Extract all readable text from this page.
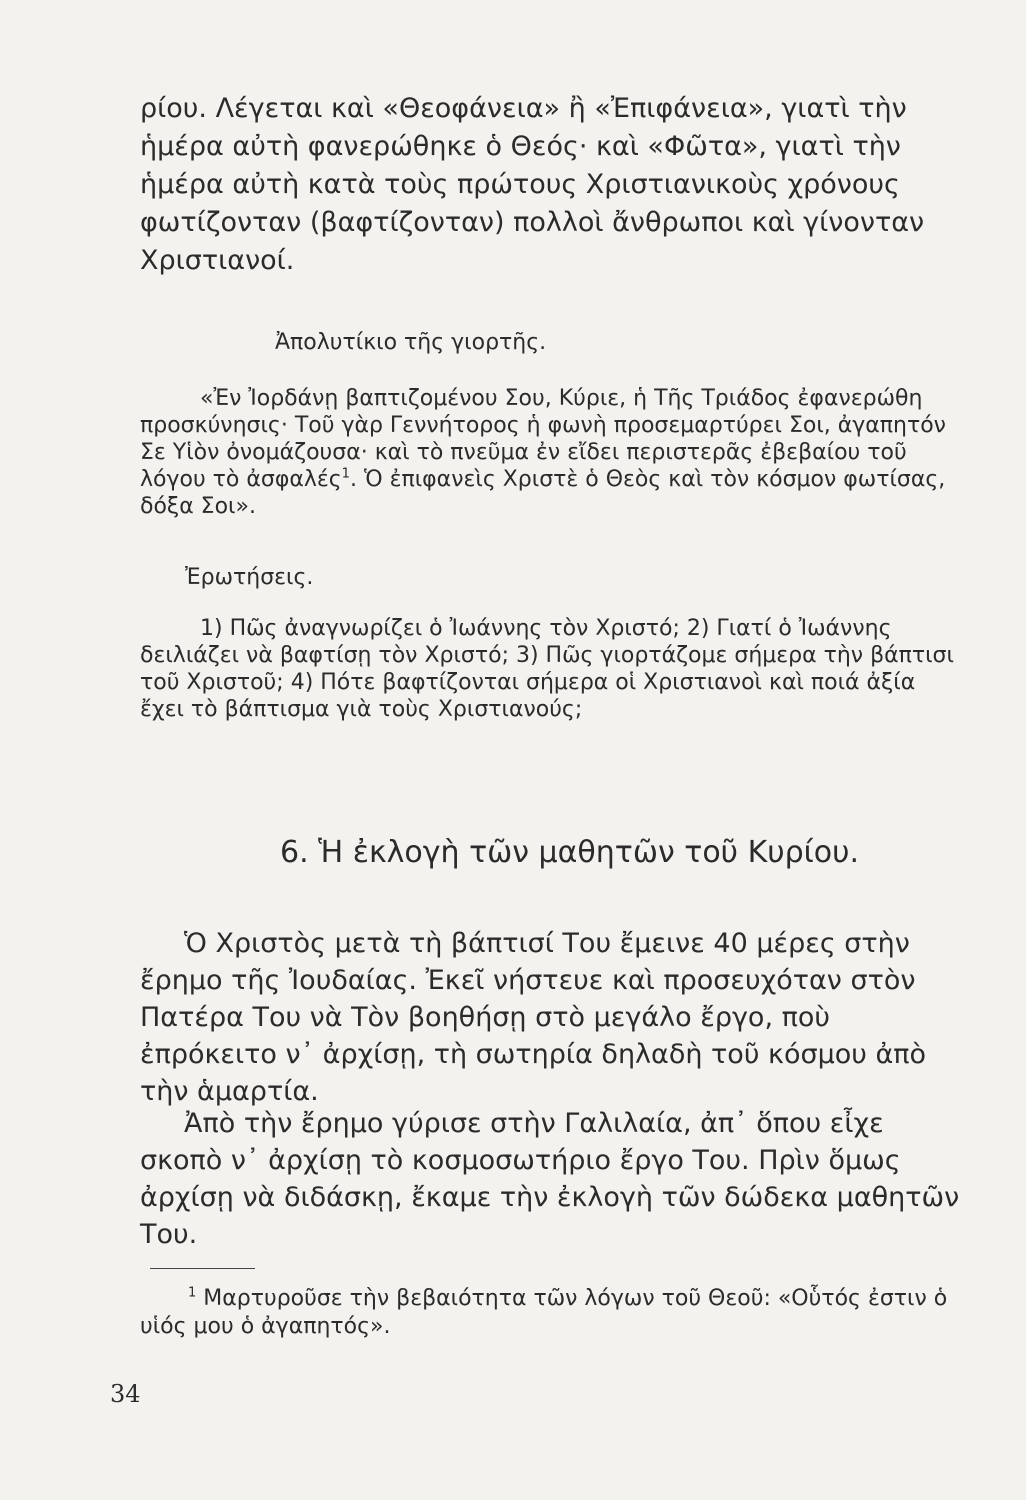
ρίου. Λέγεται καὶ «Θεοφάνεια» ἢ «Ἐπιφάνεια», γιατὶ τὴν ἡμέρα αὐτὴ φανερώθηκε ὁ Θεός· καὶ «Φῶτα», γιατὶ τὴν ἡμέρα αὐτὴ κατὰ τοὺς πρώτους Χριστιανικοὺς χρόνους φωτίζονταν (βαφτίζονταν) πολλοὶ ἄνθρωποι καὶ γίνονταν Χριστιανοί.

Ἀπολυτίκιο τῆς γιορτῆς.

«Ἐν Ἰορδάνῃ βαπτιζομένου Σου, Κύριε, ἡ Τῆς Τριάδος ἐφανερώθη προσκύνησις· Τοῦ γὰρ Γεννήτορος ἡ φωνὴ προσεμαρτύρει Σοι, ἀγαπητόν Σε Υἱὸν ὀνομάζουσα· καὶ τὸ πνεῦμα ἐν εἴδει περιστερᾶς ἐβεβαίου τοῦ λόγου τὸ ἀσφαλές$^1$. Ὁ ἐπιφανεὶς Χριστὲ ὁ Θεὸς καὶ τὸν κόσμον φωτίσας, δόξα Σοι».

Ἐρωτήσεις.

1) Πῶς ἀναγνωρίζει ὁ Ἰωάννης τὸν Χριστό; 2) Γιατί ὁ Ἰωάννης δειλιάζει νὰ βαφτίσῃ τὸν Χριστό; 3) Πῶς γιορτάζομε σήμερα τὴν βάπτισι τοῦ Χριστοῦ; 4) Πότε βαφτίζονται σήμερα οἱ Χριστιανοὶ καὶ ποιά ἀξία ἔχει τὸ βάπτισμα γιὰ τοὺς Χριστιανούς;

6. Ἡ ἐκλογὴ τῶν μαθητῶν τοῦ Κυρίου.

Ὁ Χριστὸς μετὰ τὴ βάπτισί Του ἔμεινε 40 μέρες στὴν ἔρημο τῆς Ἰουδαίας. Ἐκεῖ νήστευε καὶ προσευχόταν στὸν Πατέρα Του νὰ Τὸν βοηθήσῃ στὸ μεγάλο ἔργο, ποὺ ἐπρόκειτο ν᾽ ἀρχίσῃ, τὴ σωτηρία δηλαδὴ τοῦ κόσμου ἀπὸ τὴν ἁμαρτία.

Ἀπὸ τὴν ἔρημο γύρισε στὴν Γαλιλαία, ἀπ᾽ ὅπου εἶχε σκοπὸ ν᾽ ἀρχίσῃ τὸ κοσμοσωτήριο ἔργο Του. Πρὶν ὅμως ἀρχίσῃ νὰ διδάσκῃ, ἔκαμε τὴν ἐκλογὴ τῶν δώδεκα μαθητῶν Του.

$^1$ Μαρτυροῦσε τὴν βεβαιότητα τῶν λόγων τοῦ Θεοῦ: «Οὗτός ἐστιν ὁ υἱός μου ὁ ἀγαπητός».

34
